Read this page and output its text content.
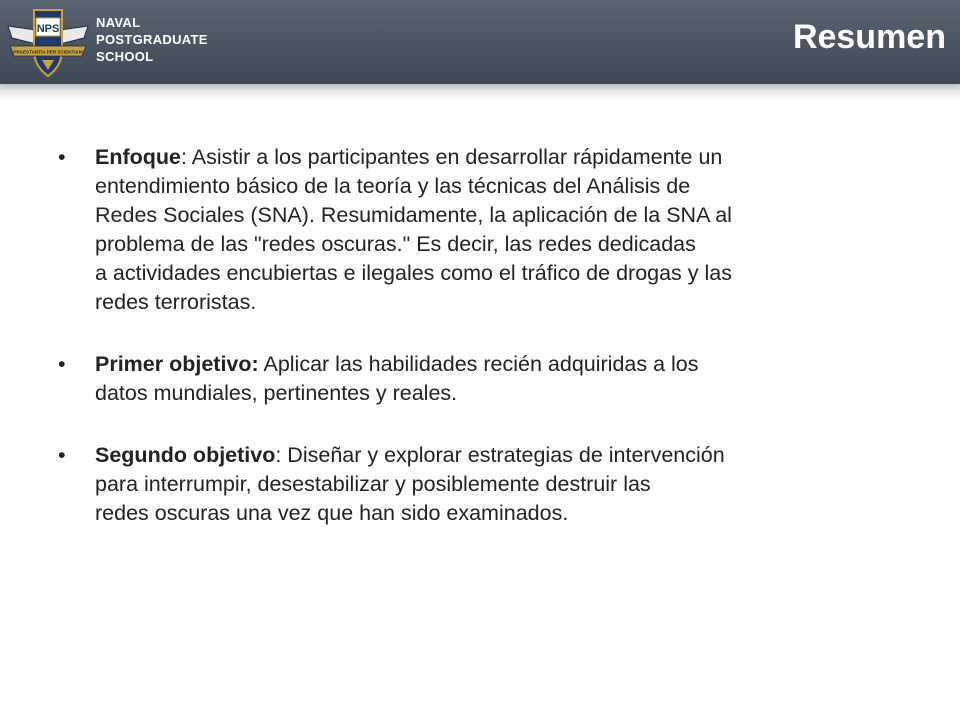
NPS
PRAESTANTIA PER SCIENTIAM
NAVAL
POSTGRADUATE
SCHOOL
Resumen
• Enfoque: Asistir a los participantes en desarrollar rápidamente un
entendimiento básico de la teoría y las técnicas del Análisis de
Redes Sociales (SNA). Resumidamente, la aplicación de la SNA al
problema de las "redes oscuras." Es decir, las redes dedicadas
a actividades encubiertas e ilegales como el tráfico de drogas y las
redes terroristas.
• Primer objetivo: Aplicar las habilidades recién adquiridas a los
datos mundiales, pertinentes y reales.
• Segundo objetivo: Diseñar y explorar estrategias de intervención
para interrumpir, desestabilizar y posiblemente destruir las
redes oscuras una vez que han sido examinados.
